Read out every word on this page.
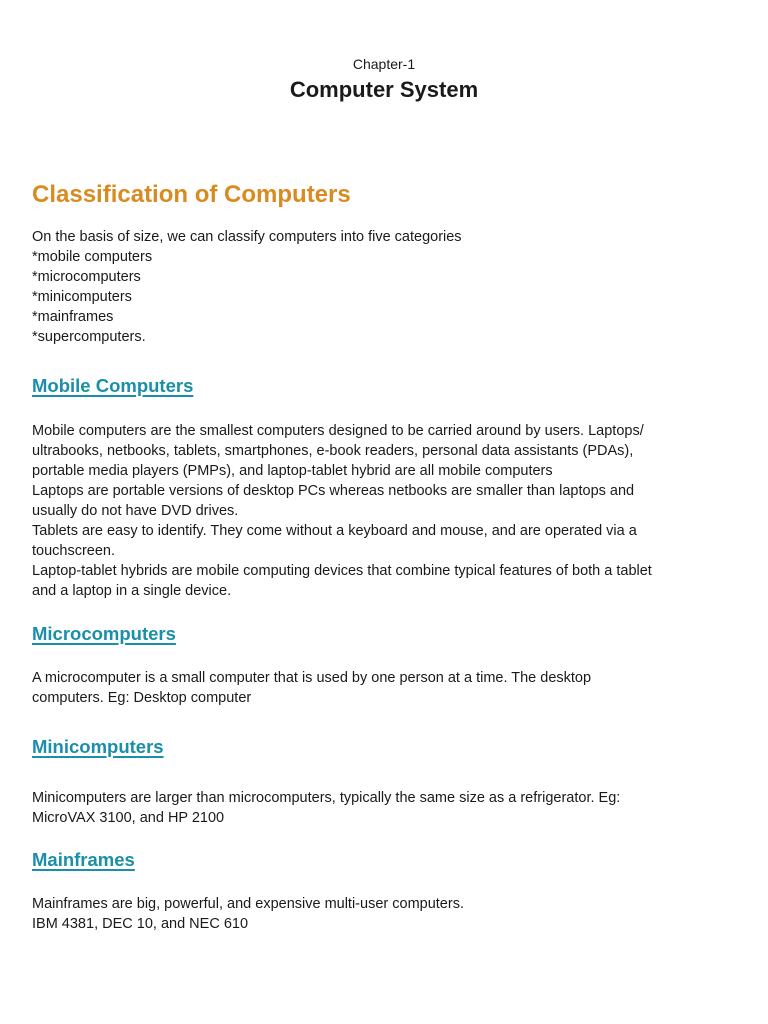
Chapter-1
Computer System
Classification of Computers

On the basis of size, we can classify computers into five categories

*mobile computers

*microcomputers

*minicomputers

*mainframes

*supercomputers.

Mobile Computers

Mobile computers are the smallest computers designed to be carried around by users. Laptops/

ultrabooks, netbooks, tablets, smartphones, e-book readers, personal data assistants (PDAs),

portable media players (PMPs), and laptop-tablet hybrid are all mobile computers

Laptops are portable versions of desktop PCs whereas netbooks are smaller than laptops and

usually do not have DVD drives.

Tablets are easy to identify. They come without a keyboard and mouse, and are operated via a

touchscreen.

Laptop-tablet hybrids are mobile computing devices that combine typical features of both a tablet

and a laptop in a single device.

Microcomputers

A microcomputer is a small computer that is used by one person at a time. The desktop

computers. Eg: Desktop computer

Minicomputers

Minicomputers are larger than microcomputers, typically the same size as a refrigerator. Eg:

MicroVAX 3100, and HP 2100

Mainframes

Mainframes are big, powerful, and expensive multi-user computers.

IBM 4381, DEC 10, and NEC 610
